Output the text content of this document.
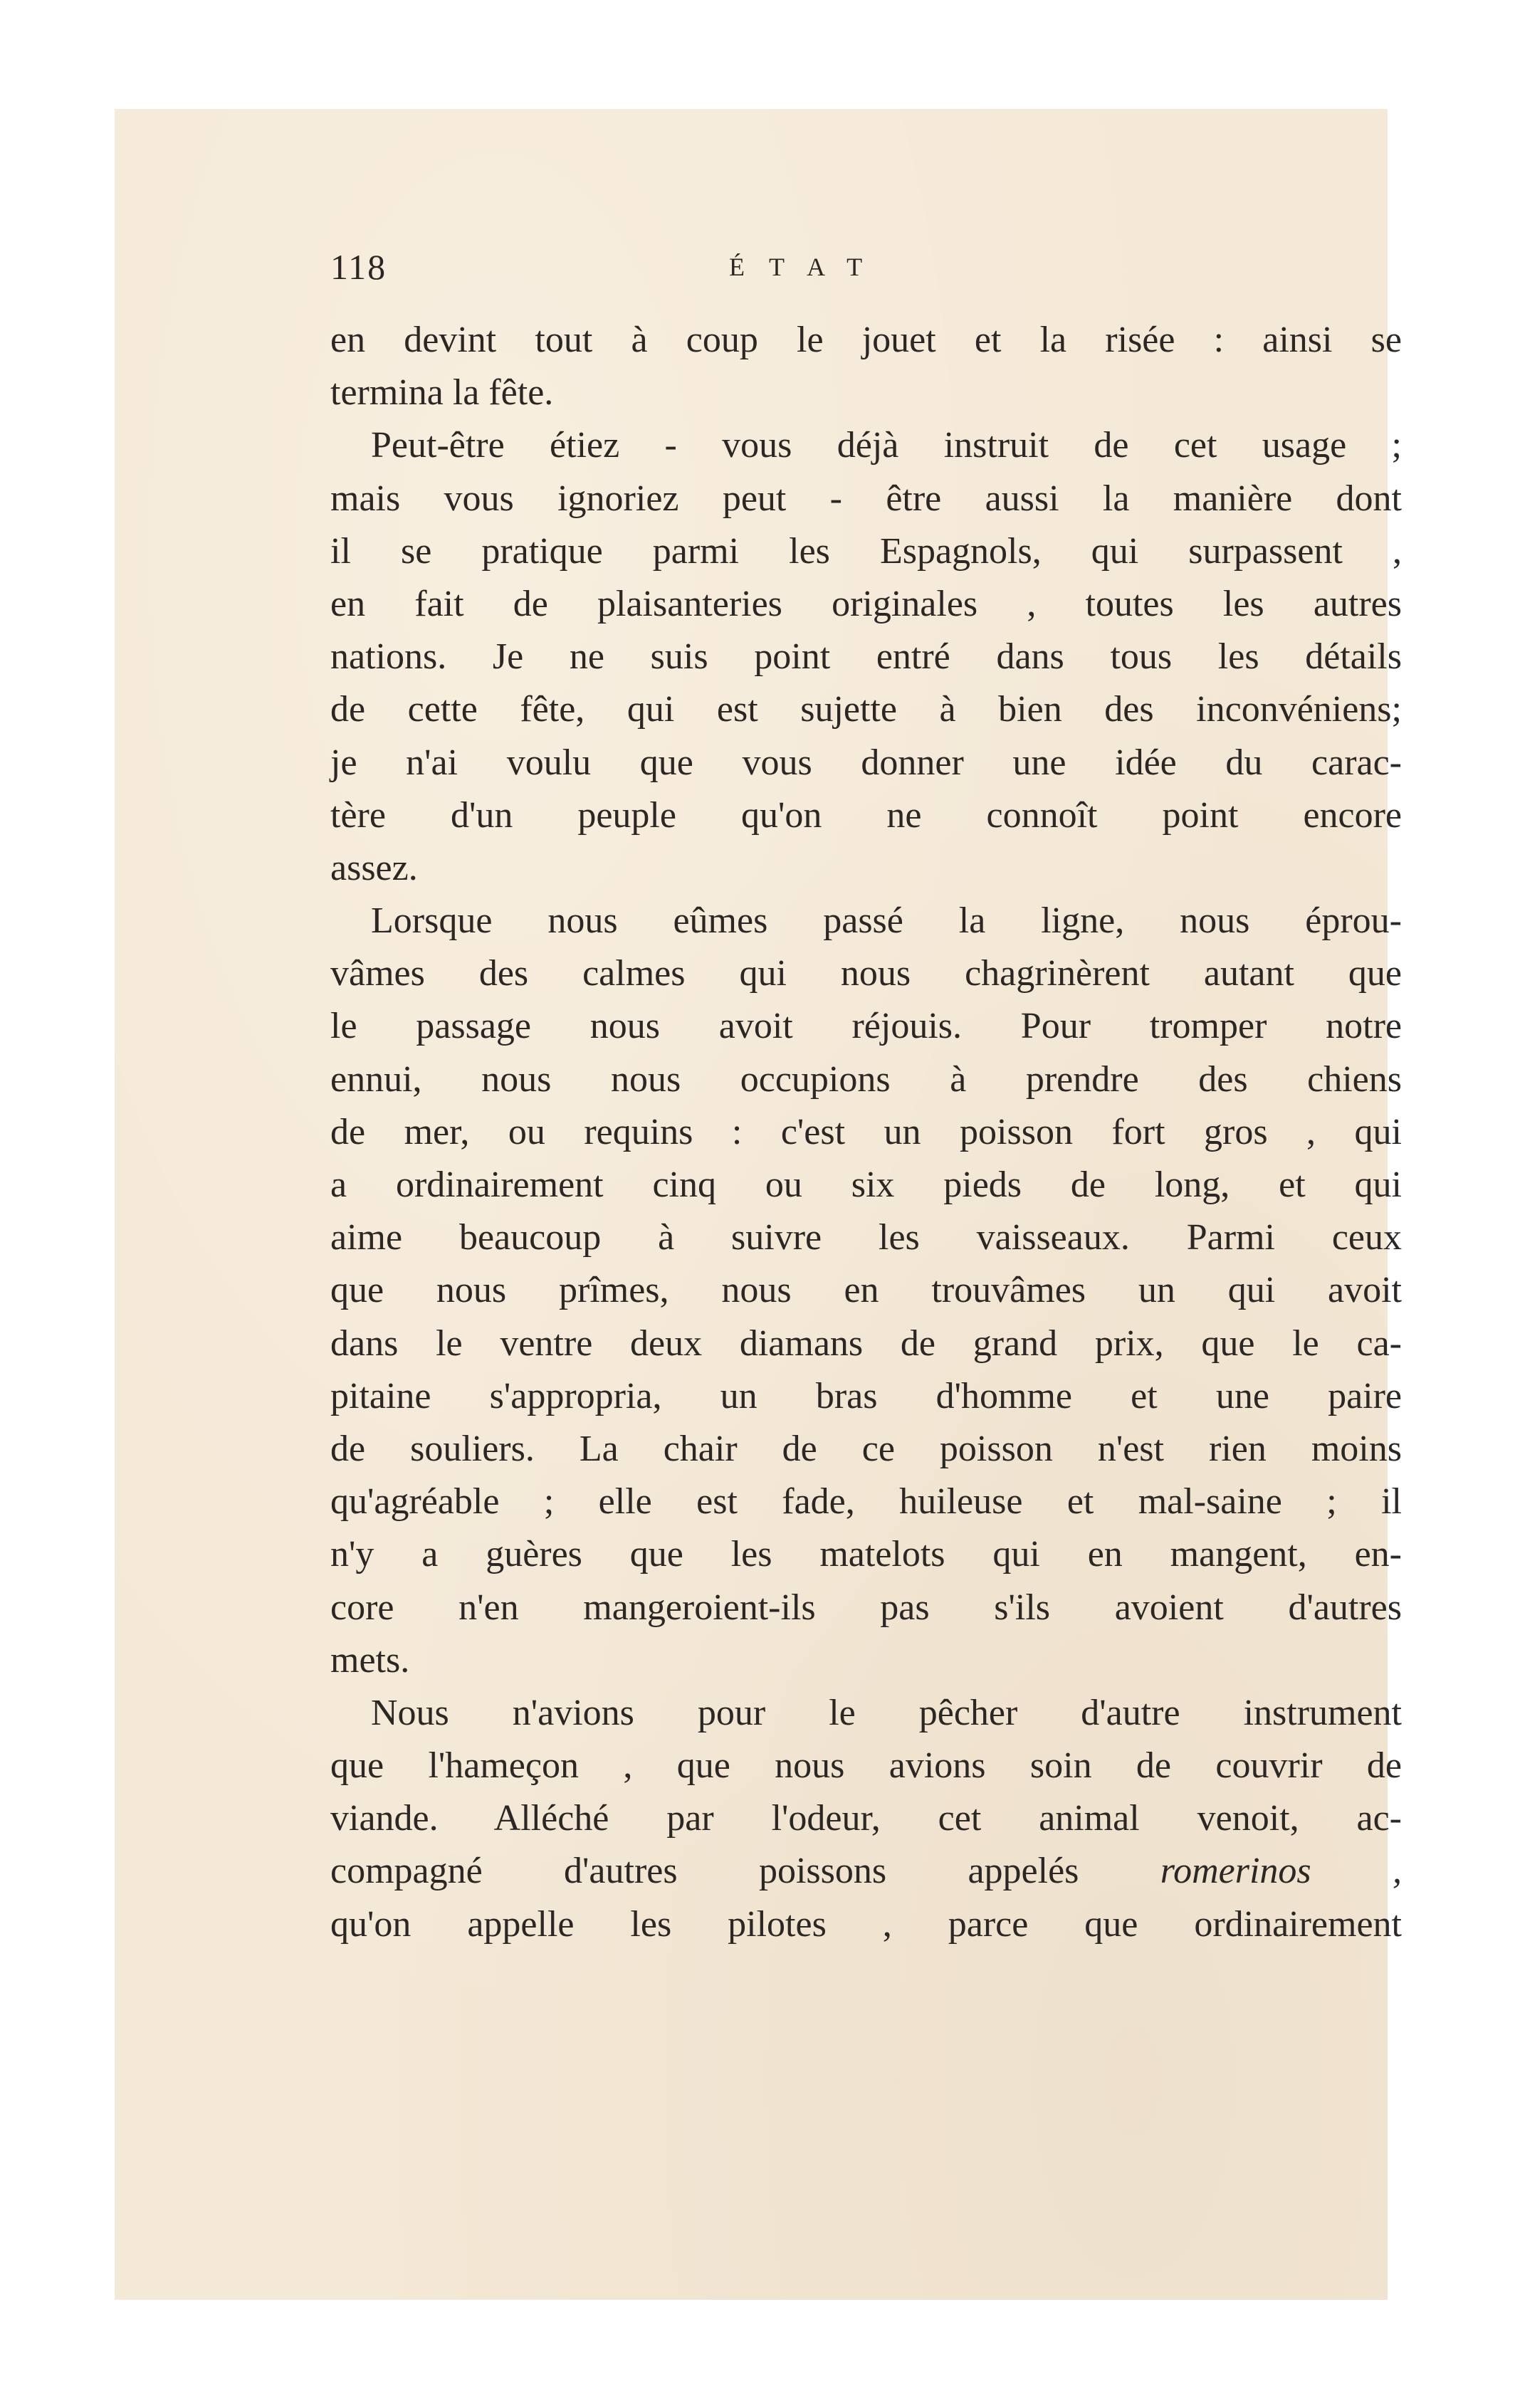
118	ÉTAT
en devint tout à coup le jouet et la risée : ainsi se
termina la fête.
Peut-être étiez - vous déjà instruit de cet usage ;
mais vous ignoriez peut - être aussi la manière dont
il se pratique parmi les Espagnols, qui surpassent ,
en fait de plaisanteries originales , toutes les autres
nations. Je ne suis point entré dans tous les détails
de cette fête, qui est sujette à bien des inconvéniens;
je n'ai voulu que vous donner une idée du carac-
tère d'un peuple qu'on ne connoît point encore
assez.
Lorsque nous eûmes passé la ligne, nous éprou-
vâmes des calmes qui nous chagrinèrent autant que
le passage nous avoit réjouis. Pour tromper notre
ennui, nous nous occupions à prendre des chiens
de mer, ou requins : c'est un poisson fort gros , qui
a ordinairement cinq ou six pieds de long, et qui
aime beaucoup à suivre les vaisseaux. Parmi ceux
que nous prîmes, nous en trouvâmes un qui avoit
dans le ventre deux diamans de grand prix, que le ca-
pitaine s'appropria, un bras d'homme et une paire
de souliers. La chair de ce poisson n'est rien moins
qu'agréable ; elle est fade, huileuse et mal-saine ; il
n'y a guères que les matelots qui en mangent, en-
core n'en mangeroient-ils pas s'ils avoient d'autres
mets.
Nous n'avions pour le pêcher d'autre instrument
que l'hameçon , que nous avions soin de couvrir de
viande. Alléché par l'odeur, cet animal venoit, ac-
compagné d'autres poissons appelés romerinos ,
qu'on appelle les pilotes , parce que ordinairement
